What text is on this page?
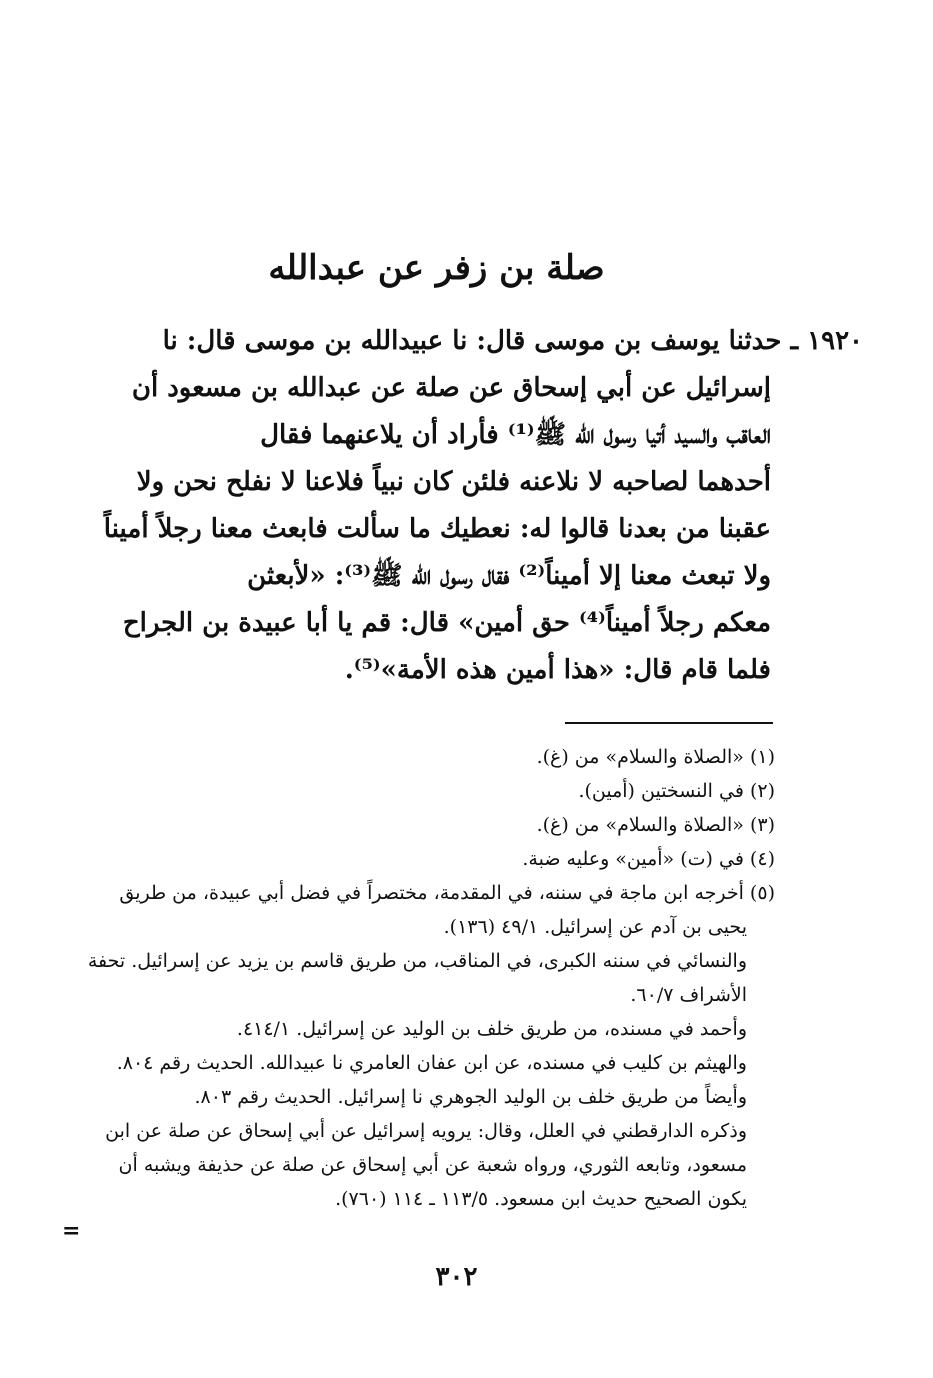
صلة بن زفر عن عبدالله
١٩٢٠ ـ حدثنا يوسف بن موسى قال: نا عبيدالله بن موسى قال: نا
إسرائيل عن أبي إسحاق عن صلة عن عبدالله بن مسعود أن
العاقب والسيد أتيا رسول الله ﷺ⁽¹⁾ فأراد أن يلاعنهما فقال
أحدهما لصاحبه لا نلاعنه فلئن كان نبياً فلاعنا لا نفلح نحن ولا
عقبنا من بعدنا قالوا له: نعطيك ما سألت فابعث معنا رجلاً أميناً
ولا تبعث معنا إلا أميناً⁽²⁾ فقال رسول الله ﷺ⁽³⁾: «لأبعثن
معكم رجلاً أميناً⁽⁴⁾ حق أمين» قال: قم يا أبا عبيدة بن الجراح
فلما قام قال: «هذا أمين هذه الأمة»⁽⁵⁾.
(١) «الصلاة والسلام» من (غ).
(٢) في النسختين (أمين).
(٣) «الصلاة والسلام» من (غ).
(٤) في (ت) «أمين» وعليه ضبة.
(٥) أخرجه ابن ماجة في سننه، في المقدمة، مختصراً في فضل أبي عبيدة، من طريق
يحيى بن آدم عن إسرائيل. ٤٩/١ (١٣٦).
والنسائي في سننه الكبرى، في المناقب، من طريق قاسم بن يزيد عن إسرائيل. تحفة
الأشراف ٦٠/٧.
وأحمد في مسنده، من طريق خلف بن الوليد عن إسرائيل. ٤١٤/١.
والهيثم بن كليب في مسنده، عن ابن عفان العامري نا عبيدالله. الحديث رقم ٨٠٤.
وأيضاً من طريق خلف بن الوليد الجوهري نا إسرائيل. الحديث رقم ٨٠٣.
وذكره الدارقطني في العلل، وقال: يرويه إسرائيل عن أبي إسحاق عن صلة عن ابن
مسعود، وتابعه الثوري، ورواه شعبة عن أبي إسحاق عن صلة عن حذيفة ويشبه أن
يكون الصحيح حديث ابن مسعود. ١١٣/٥ ـ ١١٤ (٧٦٠).
=
٣٠٢
